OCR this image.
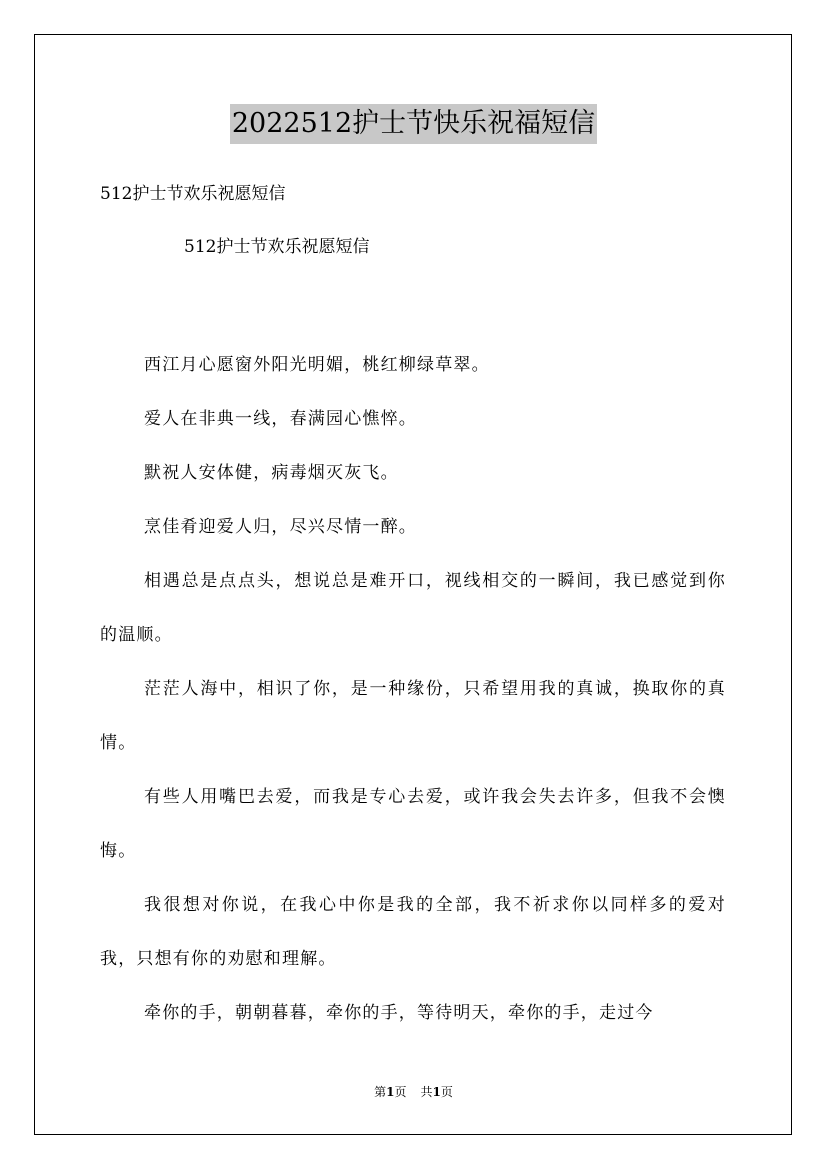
2022512护士节快乐祝福短信
512护士节欢乐祝愿短信
512护士节欢乐祝愿短信

西江月心愿窗外阳光明媚，桃红柳绿草翠。

爱人在非典一线，春满园心憔悴。

默祝人安体健，病毒烟灭灰飞。

烹佳肴迎爱人归，尽兴尽情一醉。

相遇总是点点头，想说总是难开口，视线相交的一瞬间，我已感觉到你的温顺。

茫茫人海中，相识了你，是一种缘份，只希望用我的真诚，换取你的真情。

有些人用嘴巴去爱，而我是专心去爱，或许我会失去许多，但我不会懊悔。

我很想对你说，在我心中你是我的全部，我不祈求你以同样多的爱对我，只想有你的劝慰和理解。

牵你的手，朝朝暮暮，牵你的手，等待明天，牵你的手，走过今

第1页 共1页
